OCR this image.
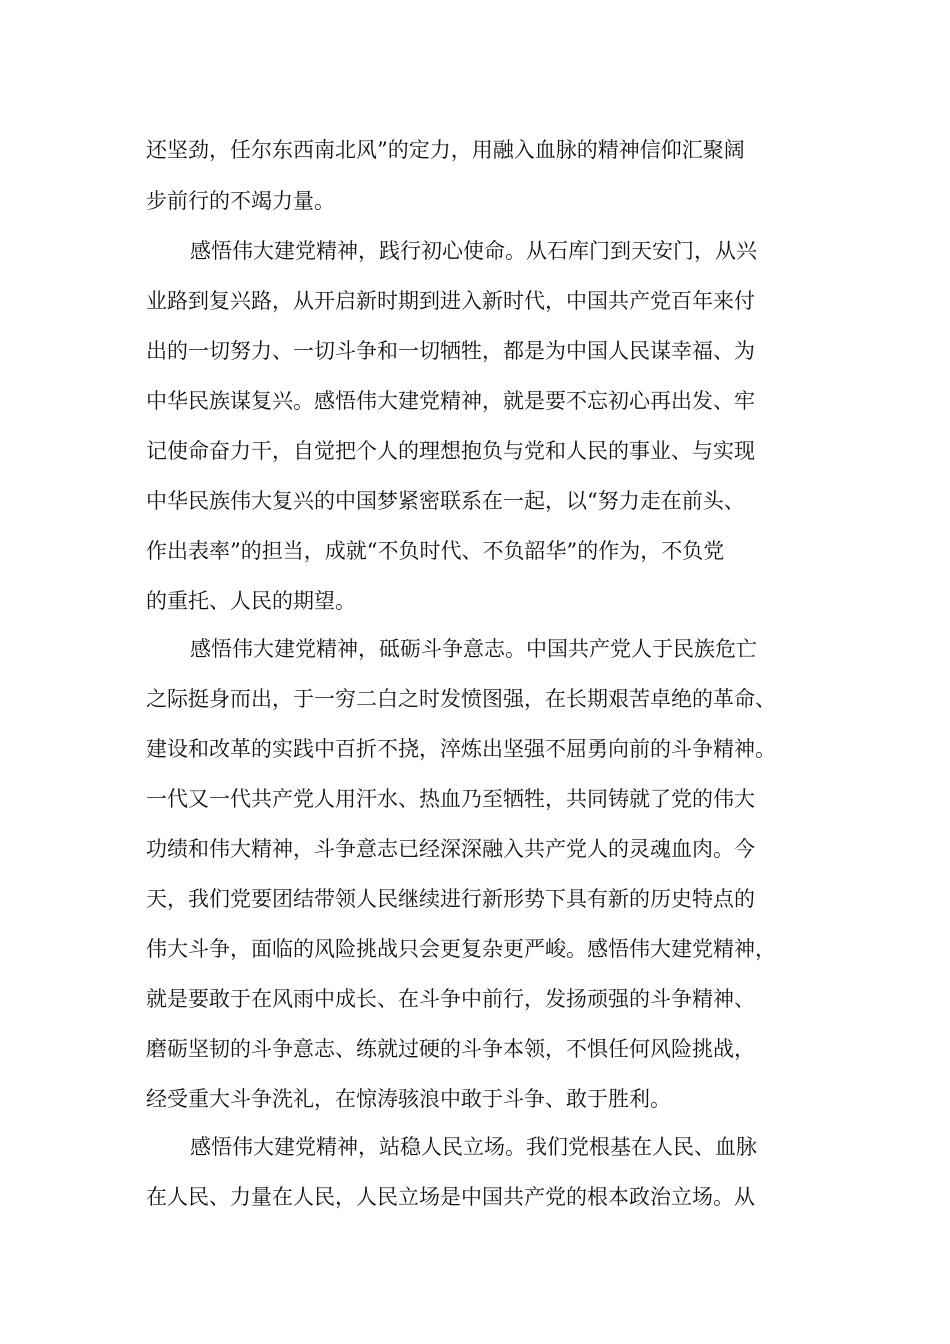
还坚劲，任尔东西南北风”的定力，用融入血脉的精神信仰汇聚阔
步前行的不竭力量。
感悟伟大建党精神，践行初心使命。从石库门到天安门，从兴
业路到复兴路，从开启新时期到进入新时代，中国共产党百年来付
出的一切努力、一切斗争和一切牺牲，都是为中国人民谋幸福、为
中华民族谋复兴。感悟伟大建党精神，就是要不忘初心再出发、牢
记使命奋力干，自觉把个人的理想抱负与党和人民的事业、与实现
中华民族伟大复兴的中国梦紧密联系在一起，以“努力走在前头、
作出表率”的担当，成就“不负时代、不负韶华”的作为，不负党
的重托、人民的期望。
感悟伟大建党精神，砥砺斗争意志。中国共产党人于民族危亡
之际挺身而出，于一穷二白之时发愤图强，在长期艰苦卓绝的革命、
建设和改革的实践中百折不挠，淬炼出坚强不屈勇向前的斗争精神。
一代又一代共产党人用汗水、热血乃至牺牲，共同铸就了党的伟大
功绩和伟大精神，斗争意志已经深深融入共产党人的灵魂血肉。今
天，我们党要团结带领人民继续进行新形势下具有新的历史特点的
伟大斗争，面临的风险挑战只会更复杂更严峻。感悟伟大建党精神，
就是要敢于在风雨中成长、在斗争中前行，发扬顽强的斗争精神、
磨砺坚韧的斗争意志、练就过硬的斗争本领，不惧任何风险挑战，
经受重大斗争洗礼，在惊涛骇浪中敢于斗争、敢于胜利。
感悟伟大建党精神，站稳人民立场。我们党根基在人民、血脉
在人民、力量在人民，人民立场是中国共产党的根本政治立场。从
